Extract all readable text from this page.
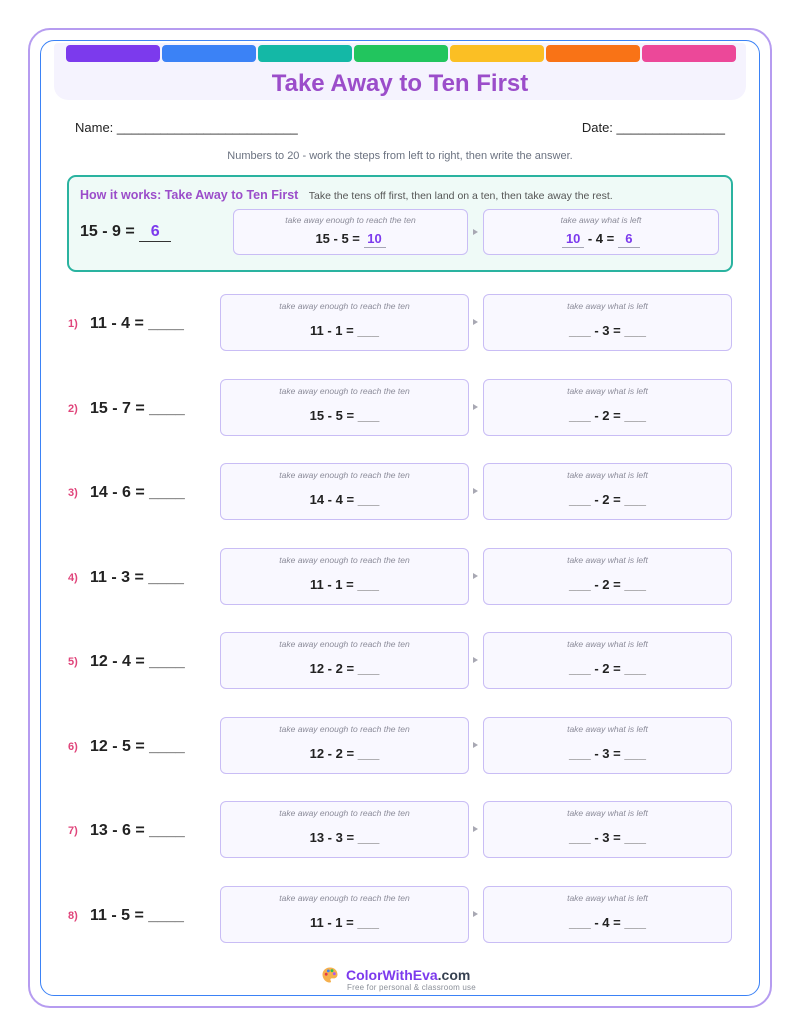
Take Away to Ten First
Name: _________________________	Date: _______________
Numbers to 20 - work the steps from left to right, then write the answer.
How it works: Take Away to Ten First Take the tens off first, then land on a ten, then take away the rest.
15 - 9 = 6
take away enough to reach the ten
15 - 5 = 10
take away what is left
10 - 4 = 6
1) 11 - 4 = ____
take away enough to reach the ten
11 - 1 = ___
take away what is left
___ - 3 = ___
2) 15 - 7 = ____
take away enough to reach the ten
15 - 5 = ___
take away what is left
___ - 2 = ___
3) 14 - 6 = ____
take away enough to reach the ten
14 - 4 = ___
take away what is left
___ - 2 = ___
4) 11 - 3 = ____
take away enough to reach the ten
11 - 1 = ___
take away what is left
___ - 2 = ___
5) 12 - 4 = ____
take away enough to reach the ten
12 - 2 = ___
take away what is left
___ - 2 = ___
6) 12 - 5 = ____
take away enough to reach the ten
12 - 2 = ___
take away what is left
___ - 3 = ___
7) 13 - 6 = ____
take away enough to reach the ten
13 - 3 = ___
take away what is left
___ - 3 = ___
8) 11 - 5 = ____
take away enough to reach the ten
11 - 1 = ___
take away what is left
___ - 4 = ___
ColorWithEva.com
Free for personal & classroom use
